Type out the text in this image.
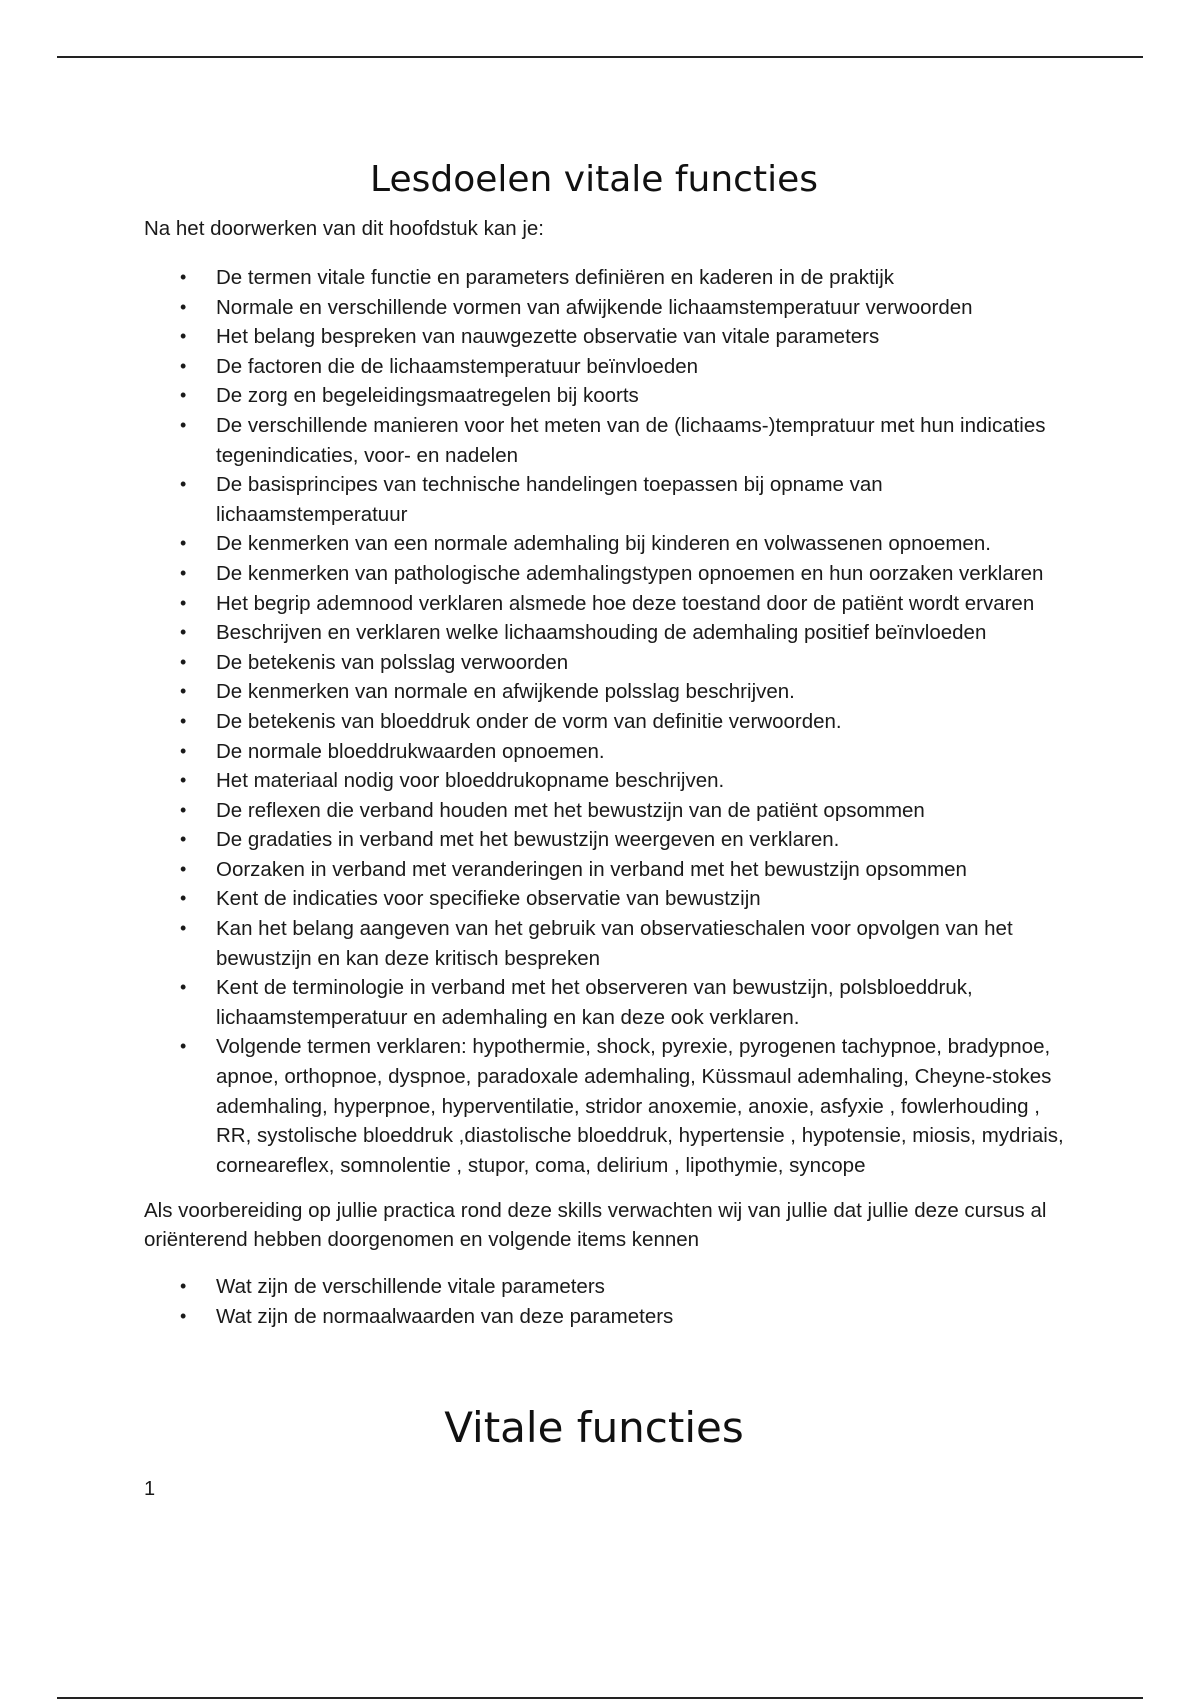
Lesdoelen vitale functies

Na het doorwerken van dit hoofdstuk kan je:

• De termen vitale functie en parameters definiëren en kaderen in de praktijk
• Normale en verschillende vormen van afwijkende lichaamstemperatuur verwoorden
• Het belang bespreken van nauwgezette observatie van vitale parameters
• De factoren die de lichaamstemperatuur beïnvloeden
• De zorg en begeleidingsmaatregelen bij koorts
• De verschillende manieren voor het meten van de (lichaams-)tempratuur met hun indicaties tegenindicaties, voor- en nadelen
• De basisprincipes van technische handelingen toepassen bij opname van lichaamstemperatuur
• De kenmerken van een normale ademhaling bij kinderen en volwassenen opnoemen.
• De kenmerken van pathologische ademhalingstypen opnoemen en hun oorzaken verklaren
• Het begrip ademnood verklaren alsmede hoe deze toestand door de patiënt wordt ervaren
• Beschrijven en verklaren welke lichaamshouding de ademhaling positief beïnvloeden
• De betekenis van polsslag verwoorden
• De kenmerken van normale en afwijkende polsslag beschrijven.
• De betekenis van bloeddruk onder de vorm van definitie verwoorden.
• De normale bloeddrukwaarden opnoemen.
• Het materiaal nodig voor bloeddrukopname beschrijven.
• De reflexen die verband houden met het bewustzijn van de patiënt opsommen
• De gradaties in verband met het bewustzijn weergeven en verklaren.
• Oorzaken in verband met veranderingen in verband met het bewustzijn opsommen
• Kent de indicaties voor specifieke observatie van bewustzijn
• Kan het belang aangeven van het gebruik van observatieschalen voor opvolgen van het bewustzijn en kan deze kritisch bespreken
• Kent de terminologie in verband met het observeren van bewustzijn, polsbloeddruk, lichaamstemperatuur en ademhaling en kan deze ook verklaren.
• Volgende termen verklaren: hypothermie, shock, pyrexie, pyrogenen tachypnoe, bradypnoe, apnoe, orthopnoe, dyspnoe, paradoxale ademhaling, Küssmaul ademhaling, Cheyne-stokes ademhaling, hyperpnoe, hyperventilatie, stridor anoxemie, anoxie, asfyxie , fowlerhouding , RR, systolische bloeddruk ,diastolische bloeddruk, hypertensie , hypotensie, miosis, mydriais, corneareflex, somnolentie , stupor, coma, delirium , lipothymie, syncope

Als voorbereiding op jullie practica rond deze skills verwachten wij van jullie dat jullie deze cursus al oriënterend hebben doorgenomen en volgende items kennen

• Wat zijn de verschillende vitale parameters
• Wat zijn de normaalwaarden van deze parameters
Vitale functies
1
